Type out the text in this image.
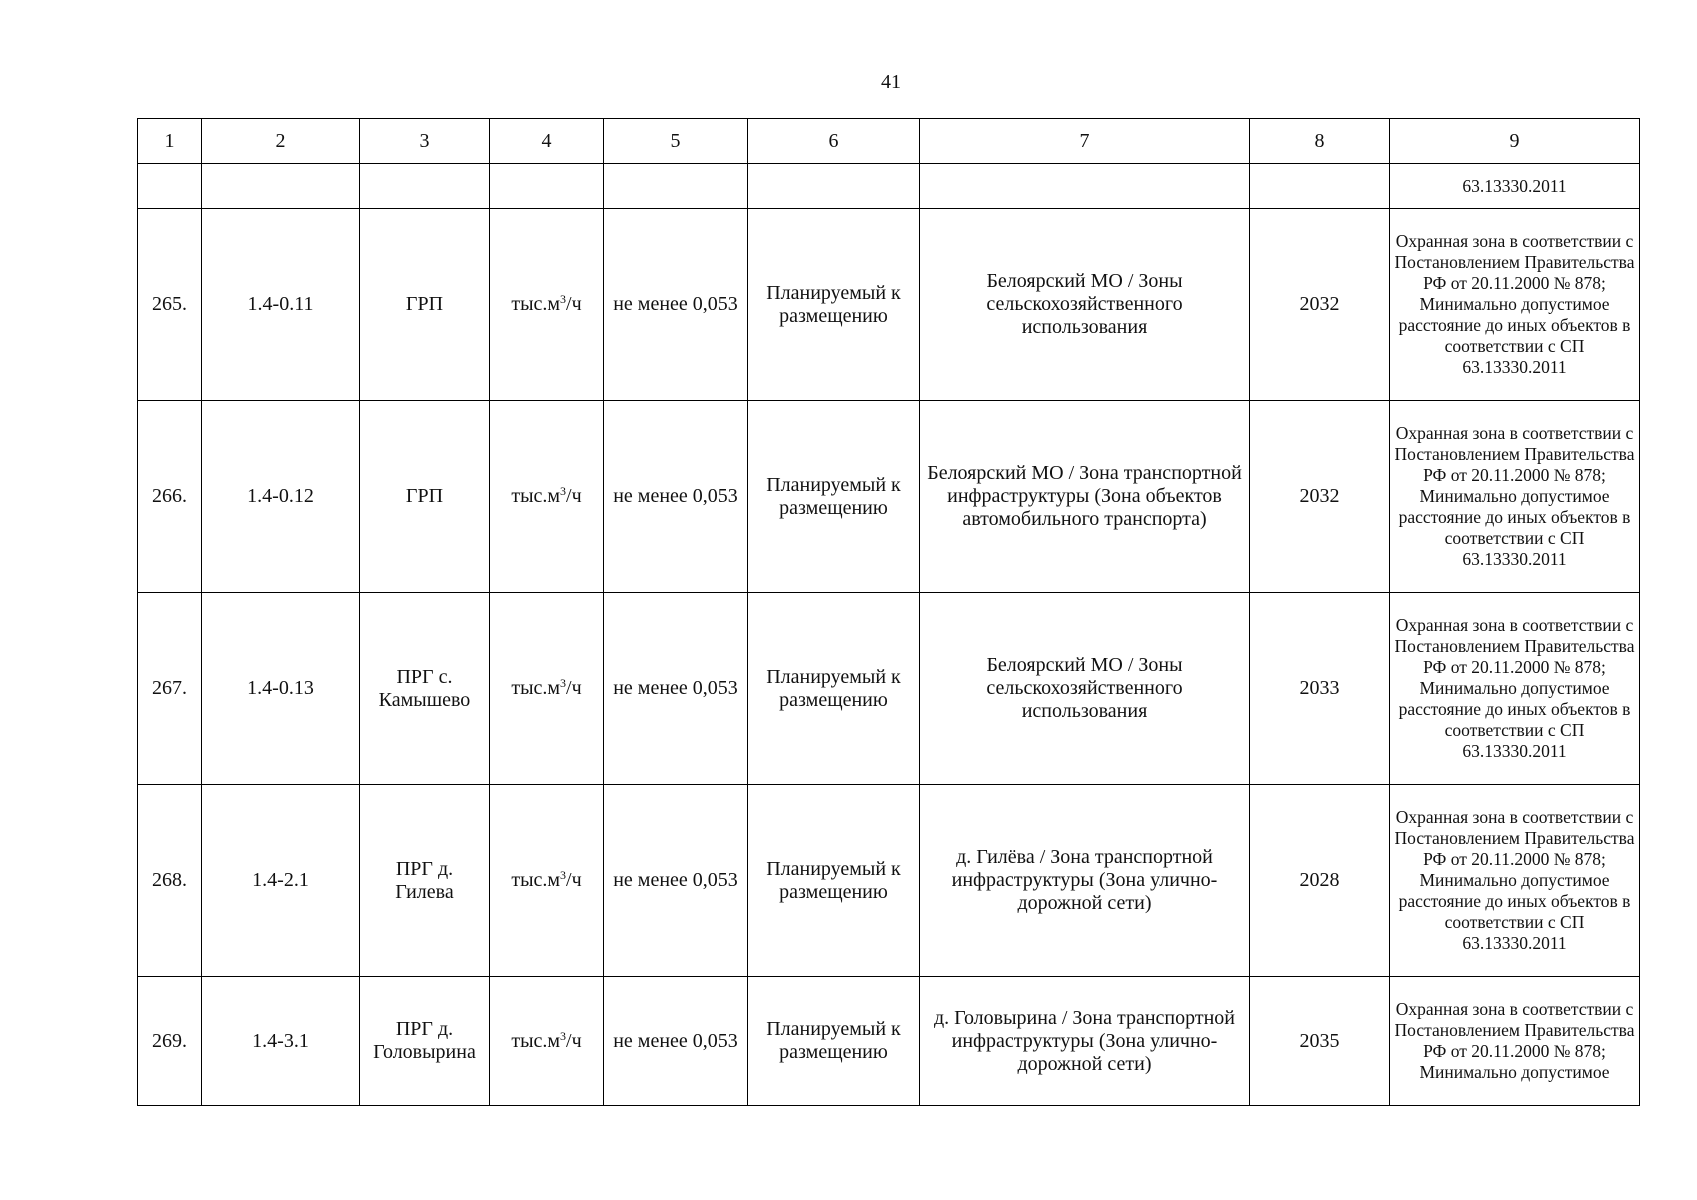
41
1	2	3	4	5	6	7	8	9
								63.13330.2011
265.	1.4-0.11	ГРП	$тыс.м^3/ч$	не менее 0,053	Планируемый к размещению	Белоярский МО / Зоны сельскохозяйственного использования	2032	Охранная зона в соответствии с Постановлением Правительства РФ от 20.11.2000 № 878; Минимально допустимое расстояние до иных объектов в соответствии с СП 63.13330.2011
266.	1.4-0.12	ГРП	$тыс.м^3/ч$	не менее 0,053	Планируемый к размещению	Белоярский МО / Зона транспортной инфраструктуры (Зона объектов автомобильного транспорта)	2032	Охранная зона в соответствии с Постановлением Правительства РФ от 20.11.2000 № 878; Минимально допустимое расстояние до иных объектов в соответствии с СП 63.13330.2011
267.	1.4-0.13	ПРГ с. Камышево	$тыс.м^3/ч$	не менее 0,053	Планируемый к размещению	Белоярский МО / Зоны сельскохозяйственного использования	2033	Охранная зона в соответствии с Постановлением Правительства РФ от 20.11.2000 № 878; Минимально допустимое расстояние до иных объектов в соответствии с СП 63.13330.2011
268.	1.4-2.1	ПРГ д. Гилева	$тыс.м^3/ч$	не менее 0,053	Планируемый к размещению	д. Гилёва / Зона транспортной инфраструктуры (Зона улично-дорожной сети)	2028	Охранная зона в соответствии с Постановлением Правительства РФ от 20.11.2000 № 878; Минимально допустимое расстояние до иных объектов в соответствии с СП 63.13330.2011
269.	1.4-3.1	ПРГ д. Головырина	$тыс.м^3/ч$	не менее 0,053	Планируемый к размещению	д. Головырина / Зона транспортной инфраструктуры (Зона улично-дорожной сети)	2035	Охранная зона в соответствии с Постановлением Правительства РФ от 20.11.2000 № 878; Минимально допустимое
